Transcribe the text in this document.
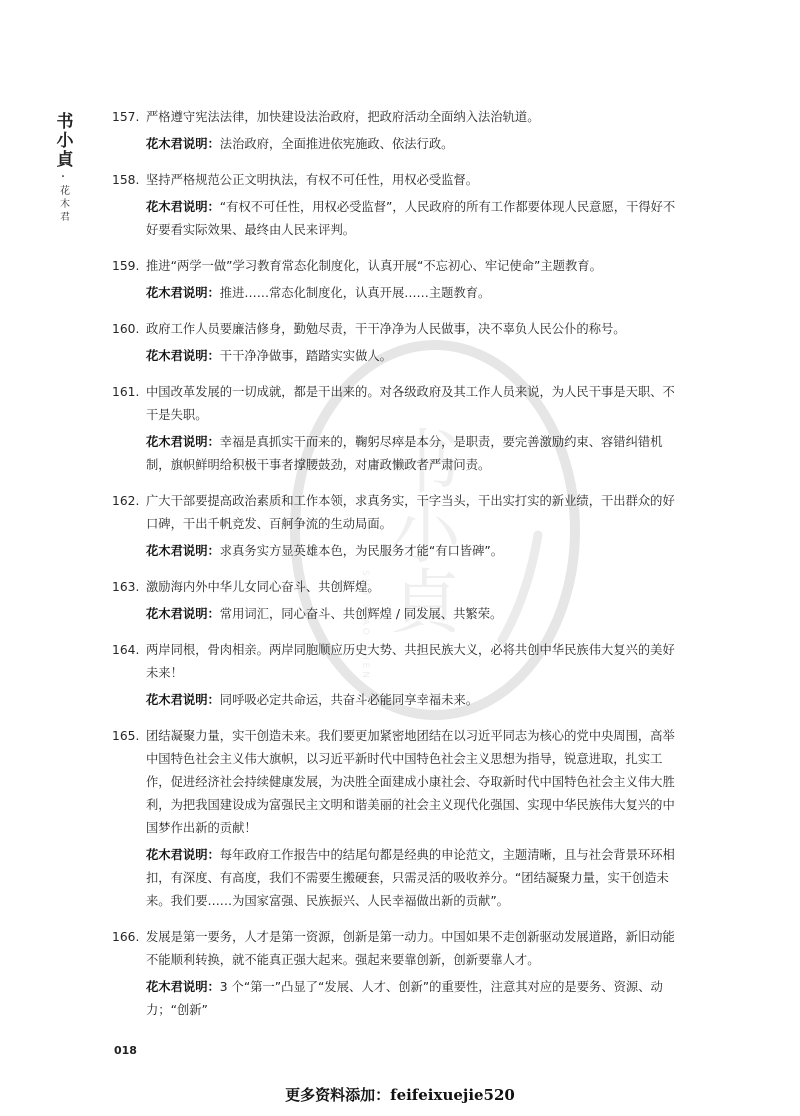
书小貞
·
花木君
书小貞
SHU XIAO ZHEN
157. 严格遵守宪法法律，加快建设法治政府，把政府活动全面纳入法治轨道。
花木君说明：法治政府，全面推进依宪施政、依法行政。
158. 坚持严格规范公正文明执法，有权不可任性，用权必受监督。
花木君说明：“有权不可任性，用权必受监督”，人民政府的所有工作都要体现人民意愿，干得好不好要看实际效果、最终由人民来评判。
159. 推进“两学一做”学习教育常态化制度化，认真开展“不忘初心、牢记使命”主题教育。
花木君说明：推进……常态化制度化，认真开展……主题教育。
160. 政府工作人员要廉洁修身，勤勉尽责，干干净净为人民做事，决不辜负人民公仆的称号。
花木君说明：干干净净做事，踏踏实实做人。
161. 中国改革发展的一切成就，都是干出来的。对各级政府及其工作人员来说，为人民干事是天职、不干是失职。
花木君说明：幸福是真抓实干而来的，鞠躬尽瘁是本分，是职责，要完善激励约束、容错纠错机制，旗帜鲜明给积极干事者撑腰鼓劲，对庸政懒政者严肃问责。
162. 广大干部要提高政治素质和工作本领，求真务实，干字当头，干出实打实的新业绩，干出群众的好口碑，干出千帆竞发、百舸争流的生动局面。
花木君说明：求真务实方显英雄本色，为民服务才能“有口皆碑”。
163. 激励海内外中华儿女同心奋斗、共创辉煌。
花木君说明：常用词汇，同心奋斗、共创辉煌 / 同发展、共繁荣。
164. 两岸同根，骨肉相亲。两岸同胞顺应历史大势、共担民族大义，必将共创中华民族伟大复兴的美好未来！
花木君说明：同呼吸必定共命运，共奋斗必能同享幸福未来。
165. 团结凝聚力量，实干创造未来。我们要更加紧密地团结在以习近平同志为核心的党中央周围，高举中国特色社会主义伟大旗帜，以习近平新时代中国特色社会主义思想为指导，锐意进取，扎实工作，促进经济社会持续健康发展，为决胜全面建成小康社会、夺取新时代中国特色社会主义伟大胜利，为把我国建设成为富强民主文明和谐美丽的社会主义现代化强国、实现中华民族伟大复兴的中国梦作出新的贡献！
花木君说明：每年政府工作报告中的结尾句都是经典的申论范文，主题清晰，且与社会背景环环相扣，有深度、有高度，我们不需要生搬硬套，只需灵活的吸收养分。“团结凝聚力量，实干创造未来。我们要……为国家富强、民族振兴、人民幸福做出新的贡献”。
166. 发展是第一要务，人才是第一资源，创新是第一动力。中国如果不走创新驱动发展道路，新旧动能不能顺利转换，就不能真正强大起来。强起来要靠创新，创新要靠人才。
花木君说明：3 个“第一”凸显了“发展、人才、创新”的重要性，注意其对应的是要务、资源、动力；“创新”
018
更多资料添加：feifeixuejie520
